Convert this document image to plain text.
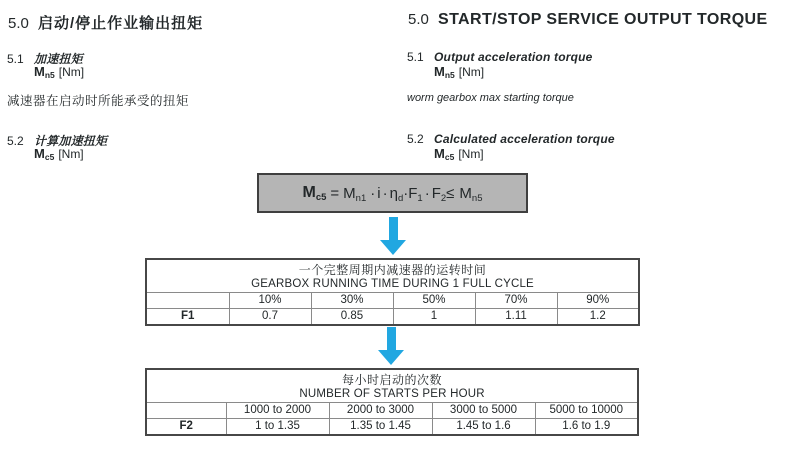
5.0 启动/停止作业输出扭矩
5.1 加速扭矩
Mn5 [Nm]
减速器在启动时所能承受的扭矩
5.2 计算加速扭矩
Mc5 [Nm]
5.0 START/STOP SERVICE OUTPUT TORQUE
5.1 Output acceleration torque
Mn5 [Nm]
worm gearbox max starting torque
5.2 Calculated acceleration torque
Mc5 [Nm]
$M_{c5} = M_{n1} \cdot i \cdot \eta_d \cdot F_1 \cdot F_2 \le M_{n5}$
一个完整周期内减速器的运转时间
GEARBOX RUNNING TIME DURING 1 FULL CYCLE					

	10%	30%	50%	70%	90%
F1	0.7	0.85	1	1.11	1.2
每小时启动的次数
NUMBER OF STARTS PER HOUR				

	1000 to 2000	2000 to 3000	3000 to 5000	5000 to 10000
F2	1 to 1.35	1.35 to 1.45	1.45 to 1.6	1.6 to 1.9
